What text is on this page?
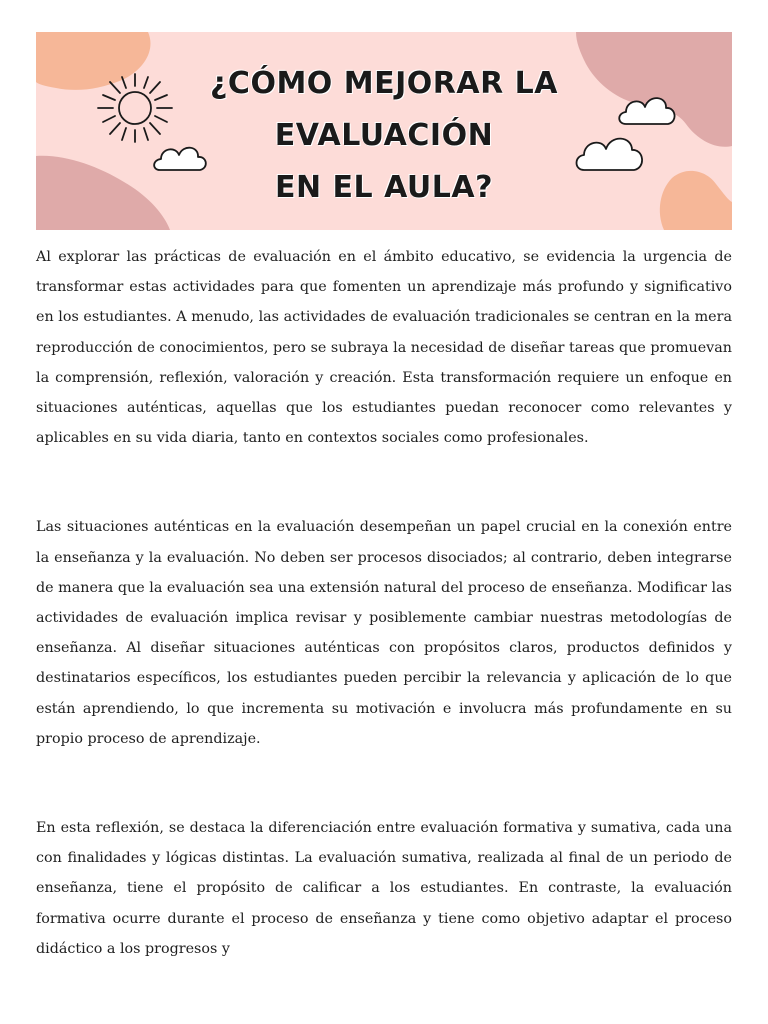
¿CÓMO MEJORAR LA
EVALUACIÓN
EN EL AULA?

Al explorar las prácticas de evaluación en el ámbito educativo, se evidencia la urgencia de transformar estas actividades para que fomenten un aprendizaje más profundo y significativo en los estudiantes. A menudo, las actividades de evaluación tradicionales se centran en la mera reproducción de conocimientos, pero se subraya la necesidad de diseñar tareas que promuevan la comprensión, reflexión, valoración y creación. Esta transformación requiere un enfoque en situaciones auténticas, aquellas que los estudiantes puedan reconocer como relevantes y aplicables en su vida diaria, tanto en contextos sociales como profesionales.

Las situaciones auténticas en la evaluación desempeñan un papel crucial en la conexión entre la enseñanza y la evaluación. No deben ser procesos disociados; al contrario, deben integrarse de manera que la evaluación sea una extensión natural del proceso de enseñanza. Modificar las actividades de evaluación implica revisar y posiblemente cambiar nuestras metodologías de enseñanza. Al diseñar situaciones auténticas con propósitos claros, productos definidos y destinatarios específicos, los estudiantes pueden percibir la relevancia y aplicación de lo que están aprendiendo, lo que incrementa su motivación e involucra más profundamente en su propio proceso de aprendizaje.

En esta reflexión, se destaca la diferenciación entre evaluación formativa y sumativa, cada una con finalidades y lógicas distintas. La evaluación sumativa, realizada al final de un periodo de enseñanza, tiene el propósito de calificar a los estudiantes. En contraste, la evaluación formativa ocurre durante el proceso de enseñanza y tiene como objetivo adaptar el proceso didáctico a los progresos y
